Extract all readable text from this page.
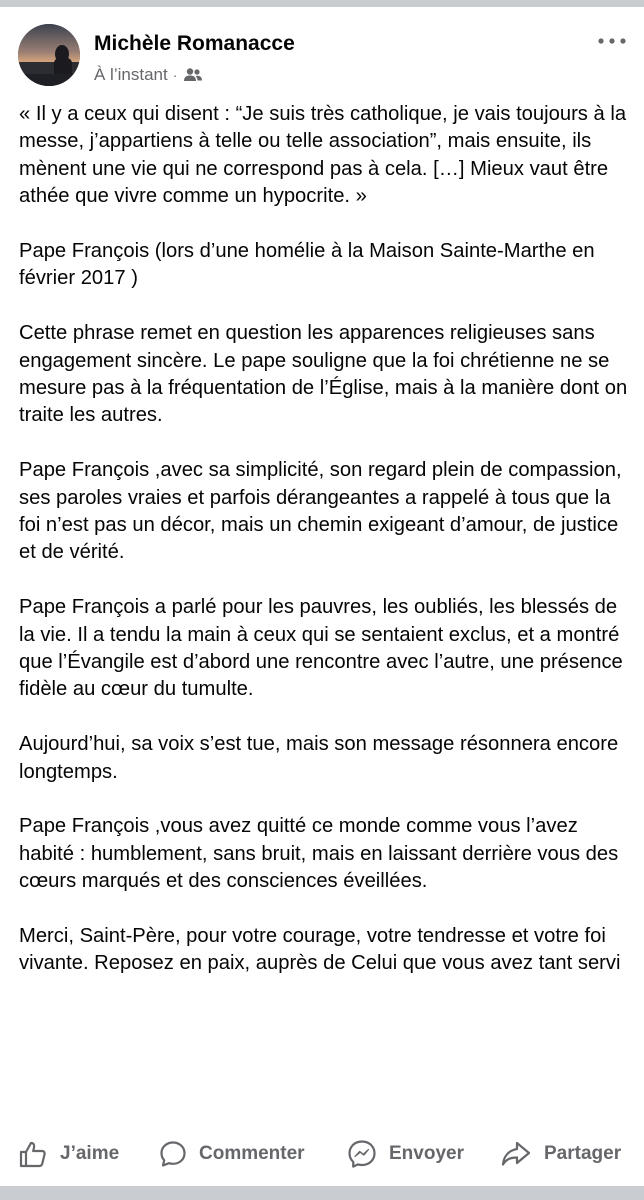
Michèle Romanacce
À l’instant ·

« Il y a ceux qui disent : “Je suis très catholique, je vais toujours à la messe, j’appartiens à telle ou telle association”, mais ensuite, ils mènent une vie qui ne correspond pas à cela. […] Mieux vaut être athée que vivre comme un hypocrite. »

Pape François (lors d’une homélie à la Maison Sainte-Marthe en février 2017 )

Cette phrase remet en question les apparences religieuses sans engagement sincère. Le pape souligne que la foi chrétienne ne se mesure pas à la fréquentation de l’Église, mais à la manière dont on traite les autres.

Pape François ,avec sa simplicité, son regard plein de compassion, ses paroles vraies et parfois dérangeantes a rappelé à tous que la foi n’est pas un décor, mais un chemin exigeant d’amour, de justice et de vérité.

Pape François a parlé pour les pauvres, les oubliés, les blessés de la vie. Il a tendu la main à ceux qui se sentaient exclus, et a montré que l’Évangile est d’abord une rencontre avec l’autre, une présence fidèle au cœur du tumulte.

Aujourd’hui, sa voix s’est tue, mais son message résonnera encore longtemps.

Pape François ,vous avez quitté ce monde comme vous l’avez habité : humblement, sans bruit, mais en laissant derrière vous des cœurs marqués et des consciences éveillées.

Merci, Saint-Père, pour votre courage, votre tendresse et votre foi vivante. Reposez en paix, auprès de Celui que vous avez tant servi

J’aime	Commenter	Envoyer	Partager
